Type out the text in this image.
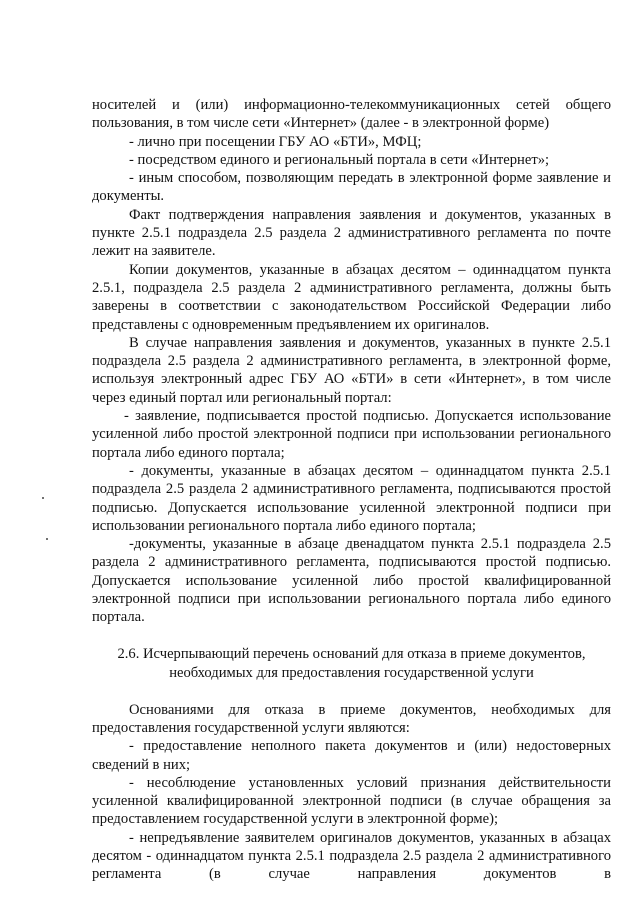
носителей и (или) информационно-телекоммуникационных сетей общего пользования, в том числе сети «Интернет» (далее - в электронной форме)

- лично при посещении ГБУ АО «БТИ», МФЦ;

- посредством единого и региональный портала в сети «Интернет»;

- иным способом, позволяющим передать в электронной форме заявление и документы.

Факт подтверждения направления заявления и документов, указанных в пункте 2.5.1 подраздела 2.5 раздела 2 административного регламента по почте лежит на заявителе.

Копии документов, указанные в абзацах десятом – одиннадцатом пункта 2.5.1, подраздела 2.5 раздела 2 административного регламента, должны быть заверены в соответствии с законодательством Российской Федерации либо представлены с одновременным предъявлением их оригиналов.

В случае направления заявления и документов, указанных в пункте 2.5.1 подраздела 2.5 раздела 2 административного регламента, в электронной форме, используя электронный адрес ГБУ АО «БТИ» в сети «Интернет», в том числе через единый портал или региональный портал:

- заявление, подписывается простой подписью. Допускается использование усиленной либо простой электронной подписи при использовании регионального портала либо единого портала;

- документы, указанные в абзацах десятом – одиннадцатом пункта 2.5.1 подраздела 2.5 раздела 2 административного регламента, подписываются простой подписью. Допускается использование усиленной электронной подписи при использовании регионального портала либо единого портала;

-документы, указанные в абзаце двенадцатом пункта 2.5.1 подраздела 2.5 раздела 2 административного регламента, подписываются простой подписью. Допускается использование усиленной либо простой квалифицированной электронной подписи при использовании регионального портала либо единого портала.

2.6. Исчерпывающий перечень оснований для отказа в приеме документов,

необходимых для предоставления государственной услуги

Основаниями для отказа в приеме документов, необходимых для предоставления государственной услуги являются:

- предоставление неполного пакета документов и (или) недостоверных сведений в них;

- несоблюдение установленных условий признания действительности усиленной квалифицированной электронной подписи (в случае обращения за предоставлением государственной услуги в электронной форме);

- непредъявление заявителем оригиналов документов, указанных в абзацах десятом - одиннадцатом пункта 2.5.1 подраздела 2.5 раздела 2 административного регламента (в случае направления документов в
